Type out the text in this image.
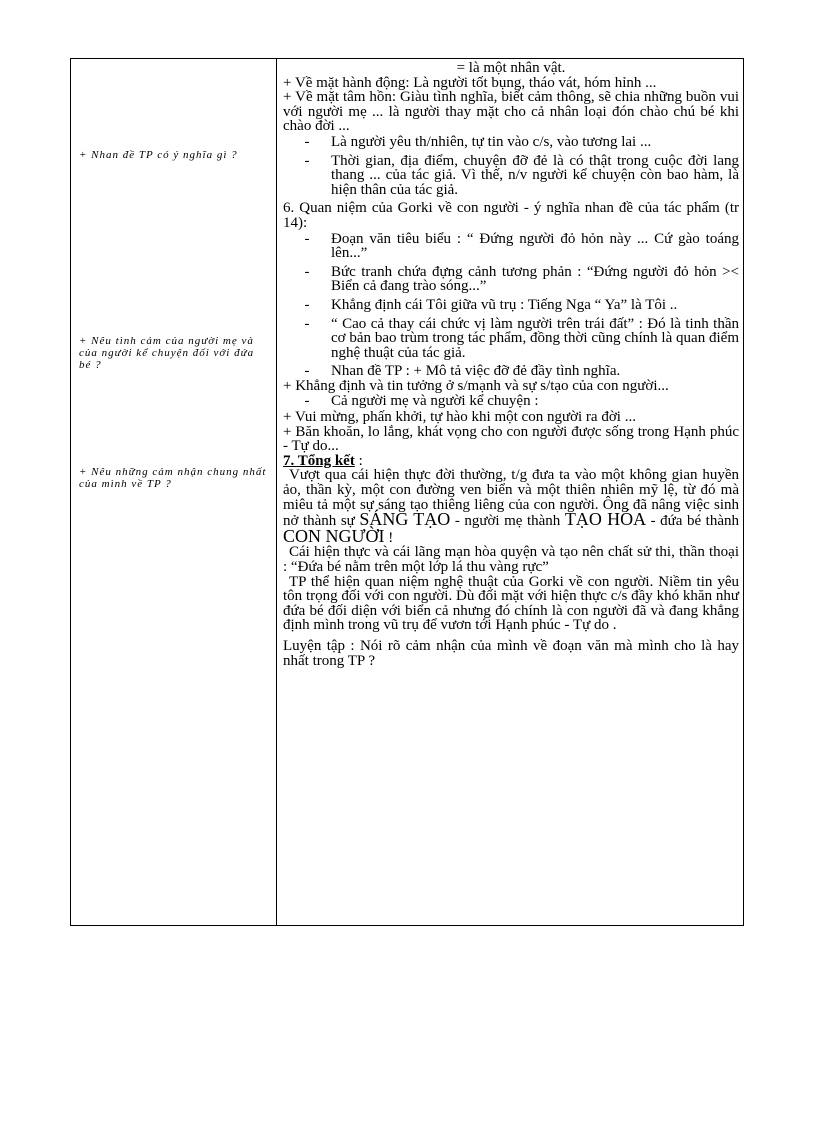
+ Nhan đề TP có ý nghĩa gì ?
+ Nêu tình cảm của người mẹ và của người kể chuyện đối với đứa bé ?
+ Nêu những cảm nhận chung nhất của mình về TP ?

= là một nhân vật.

+ Về mặt hành động: Là người tốt bụng, tháo vát, hóm hỉnh ...

+ Về mặt tâm hồn: Giàu tình nghĩa, biết cảm thông, sẽ chia những buồn vui với người mẹ ... là người thay mặt cho cả nhân loại đón chào chú bé khi chào đời ...

-	Là người yêu th/nhiên, tự tin vào c/s, vào tương lai ...
-	Thời gian, địa điểm, chuyện đỡ đẻ là có thật trong cuộc đời lang thang ... của tác giả. Vì thế, n/v người kể chuyện còn bao hàm, là hiện thân của tác giả.

6. Quan niệm của Gorki về con người - ý nghĩa nhan đề của tác phẩm (tr 14):

-	Đoạn văn tiêu biểu : “ Đứng người đỏ hỏn này ... Cứ gào toáng lên...”
-	Bức tranh chứa đựng cảnh tương phản : “Đứng người đỏ hỏn >< Biển cả đang trào sóng...”
-	Khẳng định cái Tôi giữa vũ trụ : Tiếng Nga “ Ya” là Tôi ..
-	“ Cao cả thay cái chức vị làm người trên trái đất” : Đó là tinh thần cơ bản bao trùm trong tác phẩm, đồng thời cũng chính là quan điểm nghệ thuật của tác giả.
-	Nhan đề TP : + Mô tả việc đỡ đẻ đầy tình nghĩa.

+ Khẳng định và tin tưởng ở s/mạnh và sự s/tạo của con người...

-	Cả người mẹ và người kể chuyện :

+ Vui mừng, phấn khởi, tự hào khi một con người ra đời ...

+ Băn khoăn, lo lắng, khát vọng cho con người được sống trong Hạnh phúc - Tự do...

7. Tổng kết :

Vượt qua cái hiện thực đời thường, t/g đưa ta vào một không gian huyền ảo, thần kỳ, một con đường ven biển và một thiên nhiên mỹ lệ, từ đó mà miêu tả một sự sáng tạo thiêng liêng của con người. Ông đã nâng việc sinh nở thành sự SÁNG TẠO - người mẹ thành TẠO HÓA - đứa bé thành CON NGƯỜI !

Cái hiện thực và cái lãng mạn hòa quyện và tạo nên chất sử thi, thần thoại : “Đứa bé nằm trên một lớp lá thu vàng rực”

TP thể hiện quan niệm nghệ thuật của Gorki về con người. Niềm tin yêu tôn trọng đối với con người. Dù đối mặt với hiện thực c/s đầy khó khăn như đứa bé đối diện với biển cả nhưng đó chính là con người đã và đang khẳng định mình trong vũ trụ để vươn tới Hạnh phúc - Tự do .

Luyện tập : Nói rõ cảm nhận của mình về đoạn văn mà mình cho là hay nhất trong TP ?
